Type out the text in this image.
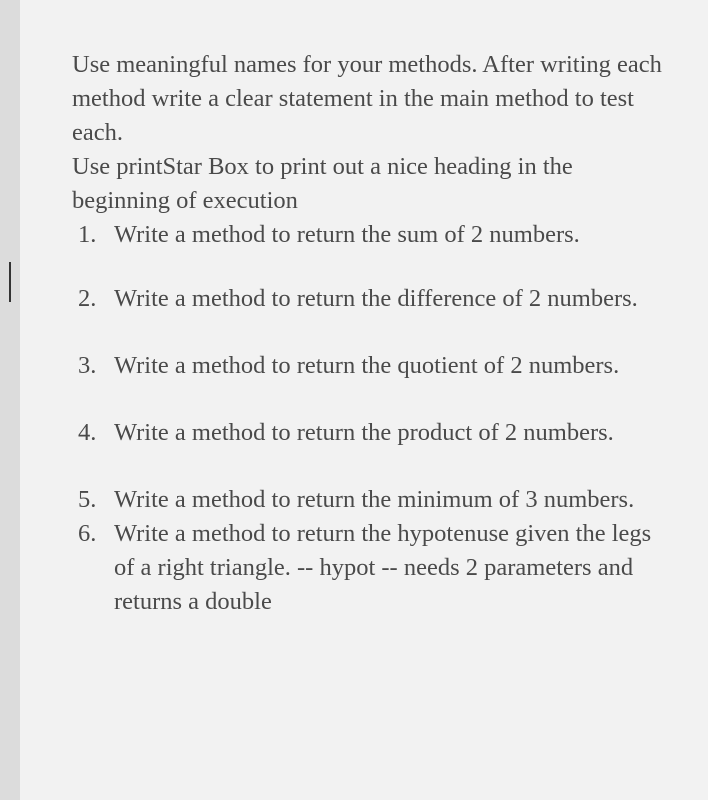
Use meaningful names for your methods. After writing each method write a clear statement in the main method to test each.

Use printStar Box to print out a nice heading in the beginning of execution

1. Write a method to return the sum of 2 numbers.
2. Write a method to return the difference of 2 numbers.
3. Write a method to return the quotient of 2 numbers.
4. Write a method to return the product of 2 numbers.
5. Write a method to return the minimum of 3 numbers.
6. Write a method to return the hypotenuse given the legs of a right triangle. -- hypot -- needs 2 parameters and returns a double
